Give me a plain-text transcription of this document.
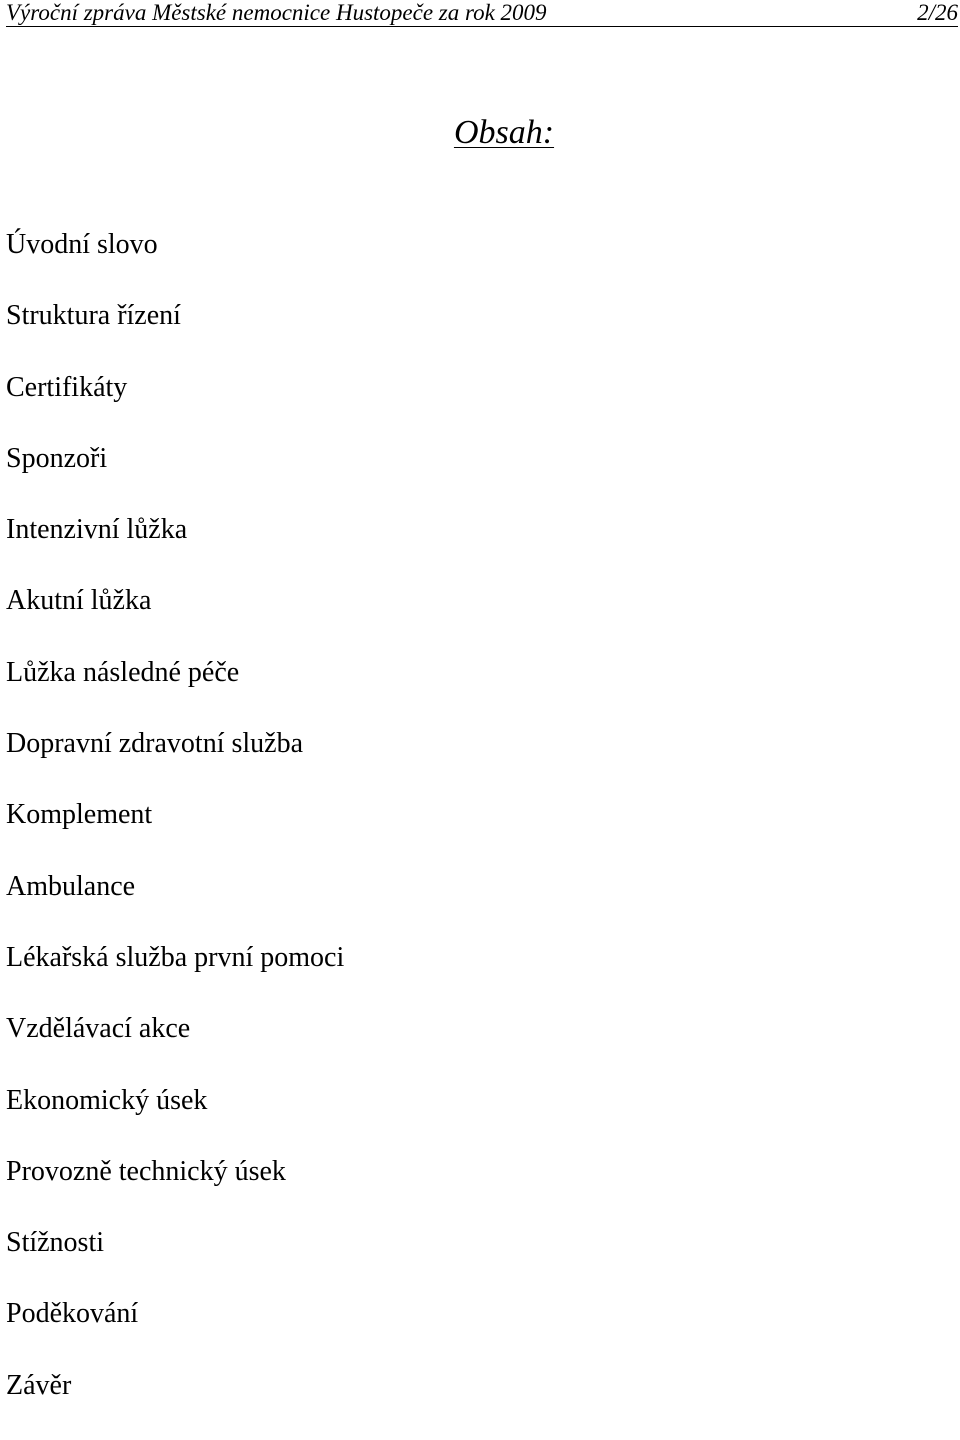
Výroční zpráva Městské nemocnice Hustopeče za rok 2009	2/26
Obsah:
Úvodní slovo
Struktura řízení
Certifikáty
Sponzoři
Intenzivní lůžka
Akutní lůžka
Lůžka následné péče
Dopravní zdravotní služba
Komplement
Ambulance
Lékařská služba první pomoci
Vzdělávací akce
Ekonomický úsek
Provozně technický úsek
Stížnosti
Poděkování
Závěr
